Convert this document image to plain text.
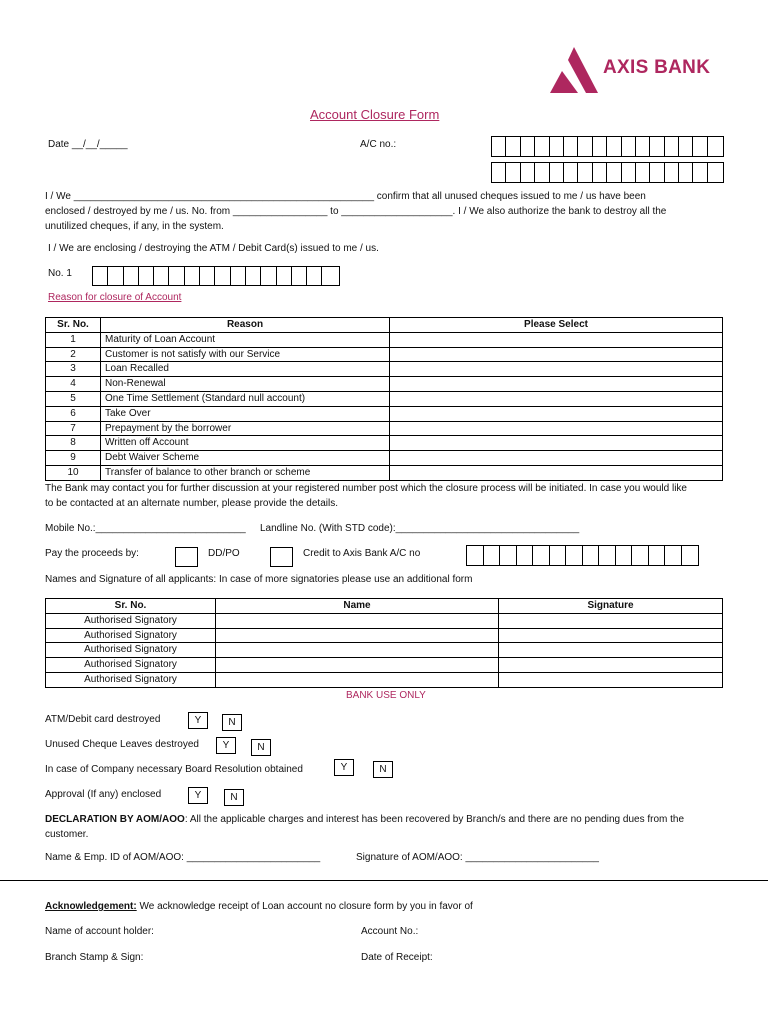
AXIS BANK
Account Closure Form
Date __/__/_____	A/C no.:
I / We ______________________________________________________ confirm that all unused cheques issued to me / us have been
enclosed / destroyed by me / us. No. from _________________ to ____________________. I / We also authorize the bank to destroy all the
unutilized cheques, if any, in the system.
I / We are enclosing / destroying the ATM / Debit Card(s) issued to me / us.
No. 1
Reason for closure of Account
Sr. No.	Reason	Please Select
1	Maturity of Loan Account	
2	Customer is not satisfy with our Service	
3	Loan Recalled	
4	Non-Renewal	
5	One Time Settlement (Standard null account)	
6	Take Over	
7	Prepayment by the borrower	
8	Written off Account	
9	Debt Waiver Scheme	
10	Transfer of balance to other branch or scheme	
The Bank may contact you for further discussion at your registered number post which the closure process will be initiated. In case you would like
to be contacted at an alternate number, please provide the details.
Mobile No.:___________________________ Landline No. (With STD code):_________________________________
Pay the proceeds by:	DD/PO	Credit to Axis Bank A/C no
Names and Signature of all applicants: In case of more signatories please use an additional form
Sr. No.	Name	Signature
Authorised Signatory		
Authorised Signatory		
Authorised Signatory		
Authorised Signatory		
Authorised Signatory		
BANK USE ONLY
ATM/Debit card destroyed	Y	N
Unused Cheque Leaves destroyed	Y	N
In case of Company necessary Board Resolution obtained	Y	N
Approval (If any) enclosed	Y	N
DECLARATION BY AOM/AOO: All the applicable charges and interest has been recovered by Branch/s and there are no pending dues from the
customer.
Name & Emp. ID of AOM/AOO: ________________________	Signature of AOM/AOO: ________________________
Acknowledgement: We acknowledge receipt of Loan account no closure form by you in favor of
Name of account holder:	Account No.:
Branch Stamp & Sign:	Date of Receipt:
